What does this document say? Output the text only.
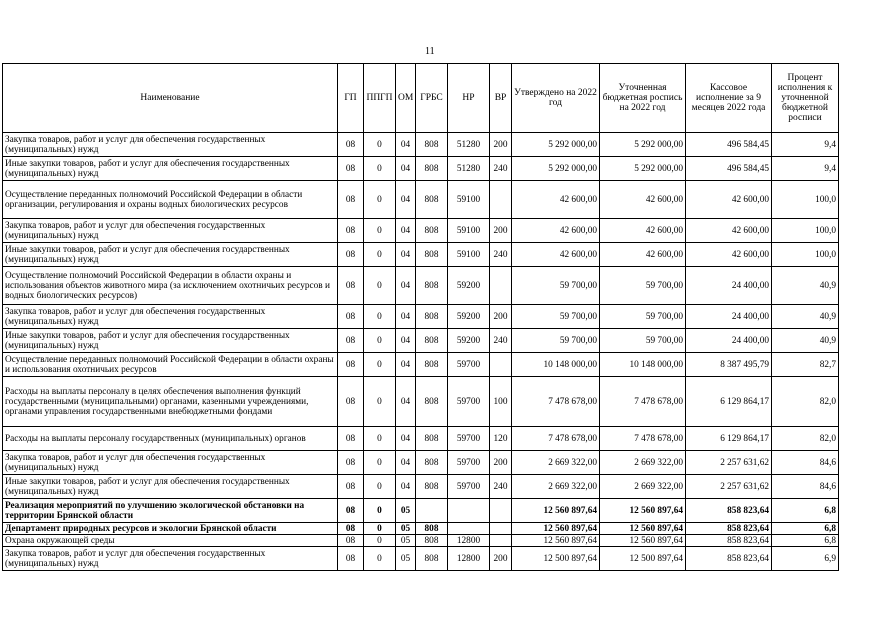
11
Наименование	ГП	ППГП	ОМ	ГРБС	НР	ВР	Утверждено на 2022 год	Уточненная бюджетная роспись на 2022 год	Кассовое исполнение за 9 месяцев 2022 года	Процент исполнения к уточненной бюджетной росписи
Закупка товаров, работ и услуг для обеспечения государственных (муниципальных) нужд	08	0	04	808	51280	200	5 292 000,00	5 292 000,00	496 584,45	9,4
Иные закупки товаров, работ и услуг для обеспечения государственных (муниципальных) нужд	08	0	04	808	51280	240	5 292 000,00	5 292 000,00	496 584,45	9,4
Осуществление переданных полномочий Российской Федерации в области организации, регулирования и охраны водных биологических ресурсов	08	0	04	808	59100		42 600,00	42 600,00	42 600,00	100,0
Закупка товаров, работ и услуг для обеспечения государственных (муниципальных) нужд	08	0	04	808	59100	200	42 600,00	42 600,00	42 600,00	100,0
Иные закупки товаров, работ и услуг для обеспечения государственных (муниципальных) нужд	08	0	04	808	59100	240	42 600,00	42 600,00	42 600,00	100,0
Осуществление полномочий Российской Федерации в области охраны и использования объектов животного мира (за исключением охотничьих ресурсов и водных биологических ресурсов)	08	0	04	808	59200		59 700,00	59 700,00	24 400,00	40,9
Закупка товаров, работ и услуг для обеспечения государственных (муниципальных) нужд	08	0	04	808	59200	200	59 700,00	59 700,00	24 400,00	40,9
Иные закупки товаров, работ и услуг для обеспечения государственных (муниципальных) нужд	08	0	04	808	59200	240	59 700,00	59 700,00	24 400,00	40,9
Осуществление переданных полномочий Российской Федерации в области охраны и использования охотничьих ресурсов	08	0	04	808	59700		10 148 000,00	10 148 000,00	8 387 495,79	82,7
Расходы на выплаты персоналу в целях обеспечения выполнения функций государственными (муниципальными) органами, казенными учреждениями, органами управления государственными внебюджетными фондами	08	0	04	808	59700	100	7 478 678,00	7 478 678,00	6 129 864,17	82,0
Расходы на выплаты персоналу государственных (муниципальных) органов	08	0	04	808	59700	120	7 478 678,00	7 478 678,00	6 129 864,17	82,0
Закупка товаров, работ и услуг для обеспечения государственных (муниципальных) нужд	08	0	04	808	59700	200	2 669 322,00	2 669 322,00	2 257 631,62	84,6
Иные закупки товаров, работ и услуг для обеспечения государственных (муниципальных) нужд	08	0	04	808	59700	240	2 669 322,00	2 669 322,00	2 257 631,62	84,6
Реализация мероприятий по улучшению экологической обстановки на территории Брянской области	08	0	05				12 560 897,64	12 560 897,64	858 823,64	6,8
Департамент природных ресурсов и экологии Брянской области	08	0	05	808			12 560 897,64	12 560 897,64	858 823,64	6,8
Охрана окружающей среды	08	0	05	808	12800		12 560 897,64	12 560 897,64	858 823,64	6,8
Закупка товаров, работ и услуг для обеспечения государственных (муниципальных) нужд	08	0	05	808	12800	200	12 500 897,64	12 500 897,64	858 823,64	6,9
